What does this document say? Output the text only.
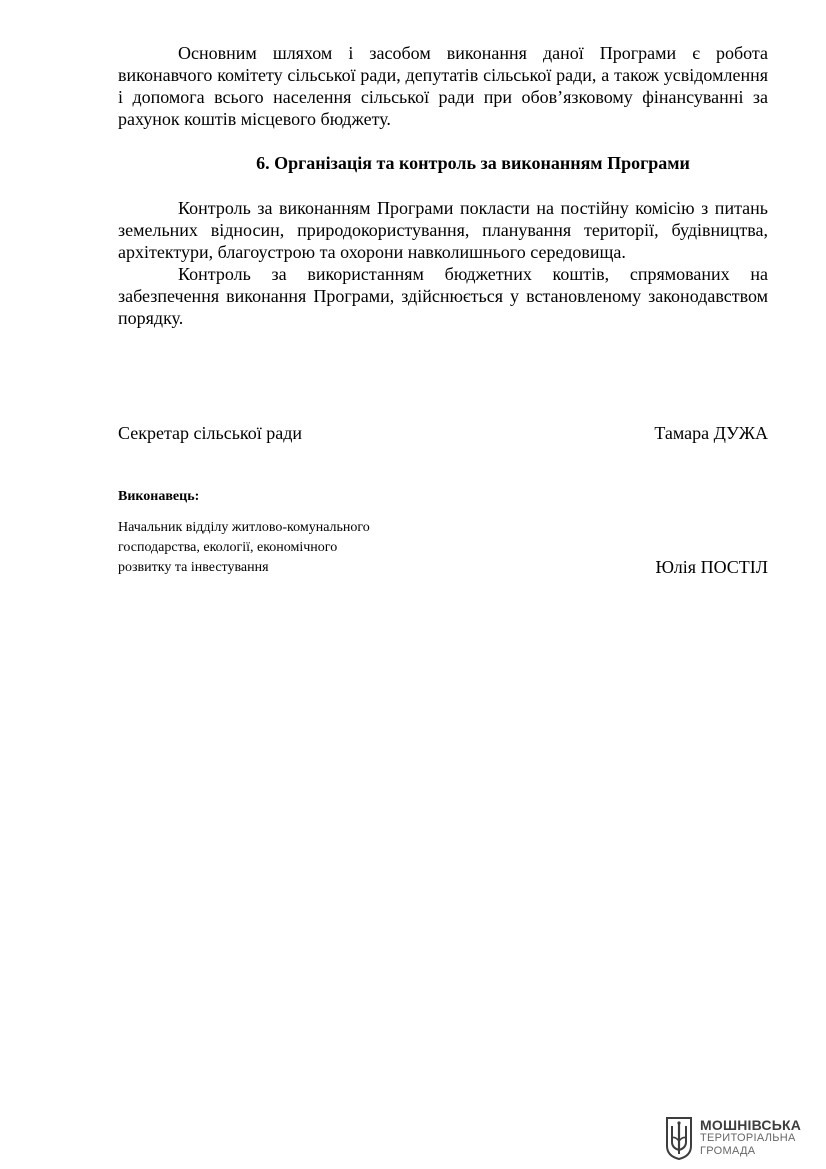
Основним шляхом і засобом виконання даної Програми є робота виконавчого комітету сільської ради, депутатів сільської ради, а також усвідомлення і допомога всього населення сільської ради при обов’язковому фінансуванні за рахунок коштів місцевого бюджету.

6. Організація та контроль за виконанням Програми

Контроль за виконанням Програми покласти на постійну комісію з питань земельних відносин, природокористування, планування території, будівництва, архітектури, благоустрою та охорони навколишнього середовища.

Контроль за використанням бюджетних коштів, спрямованих на забезпечення виконання Програми, здійснюється у встановленому законодавством порядку.

Секретар сільської ради	Тамара ДУЖА
Виконавець:
Начальник відділу житлово-комунального
господарства, екології, економічного
розвитку та інвестування	Юлія ПОСТІЛ
МОШНІВСЬКА
ТЕРИТОРІАЛЬНА
ГРОМАДА
